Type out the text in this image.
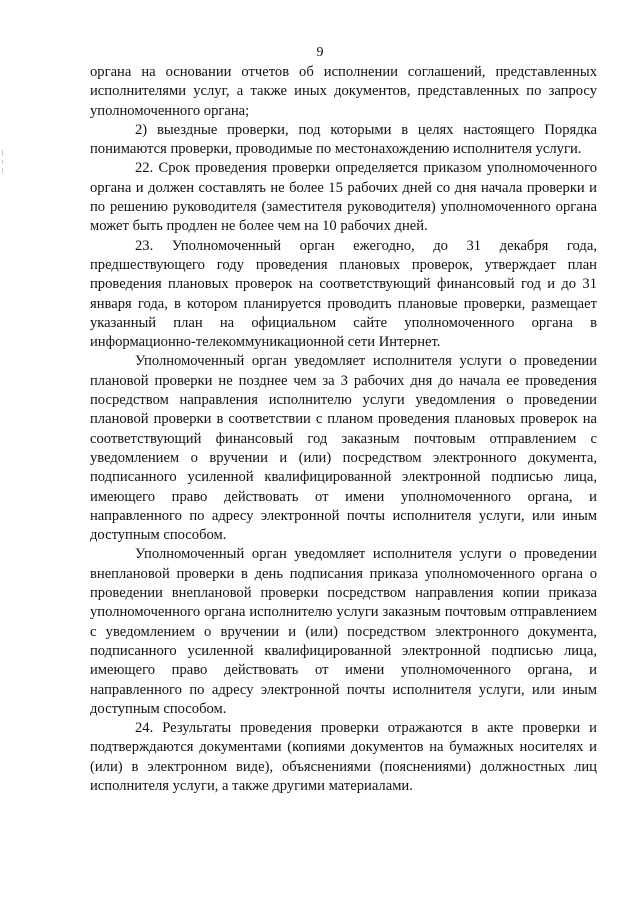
9

органа на основании отчетов об исполнении соглашений, представленных исполнителями услуг, а также иных документов, представленных по запросу уполномоченного органа;

2) выездные проверки, под которыми в целях настоящего Порядка понимаются проверки, проводимые по местонахождению исполнителя услуги.

22. Срок проведения проверки определяется приказом уполномоченного органа и должен составлять не более 15 рабочих дней со дня начала проверки и по решению руководителя (заместителя руководителя) уполномоченного органа может быть продлен не более чем на 10 рабочих дней.

23. Уполномоченный орган ежегодно, до 31 декабря года, предшествующего году проведения плановых проверок, утверждает план проведения плановых проверок на соответствующий финансовый год и до 31 января года, в котором планируется проводить плановые проверки, размещает указанный план на официальном сайте уполномоченного органа в информационно-телекоммуникационной сети Интернет.

Уполномоченный орган уведомляет исполнителя услуги о проведении плановой проверки не позднее чем за 3 рабочих дня до начала ее проведения посредством направления исполнителю услуги уведомления о проведении плановой проверки в соответствии с планом проведения плановых проверок на соответствующий финансовый год заказным почтовым отправлением с уведомлением о вручении и (или) посредством электронного документа, подписанного усиленной квалифицированной электронной подписью лица, имеющего право действовать от имени уполномоченного органа, и направленного по адресу электронной почты исполнителя услуги, или иным доступным способом.

Уполномоченный орган уведомляет исполнителя услуги о проведении внеплановой проверки в день подписания приказа уполномоченного органа о проведении внеплановой проверки посредством направления копии приказа уполномоченного органа исполнителю услуги заказным почтовым отправлением с уведомлением о вручении и (или) посредством электронного документа, подписанного усиленной квалифицированной электронной подписью лица, имеющего право действовать от имени уполномоченного органа, и направленного по адресу электронной почты исполнителя услуги, или иным доступным способом.

24. Результаты проведения проверки отражаются в акте проверки и подтверждаются документами (копиями документов на бумажных носителях и (или) в электронном виде), объяснениями (пояснениями) должностных лиц исполнителя услуги, а также другими материалами.
